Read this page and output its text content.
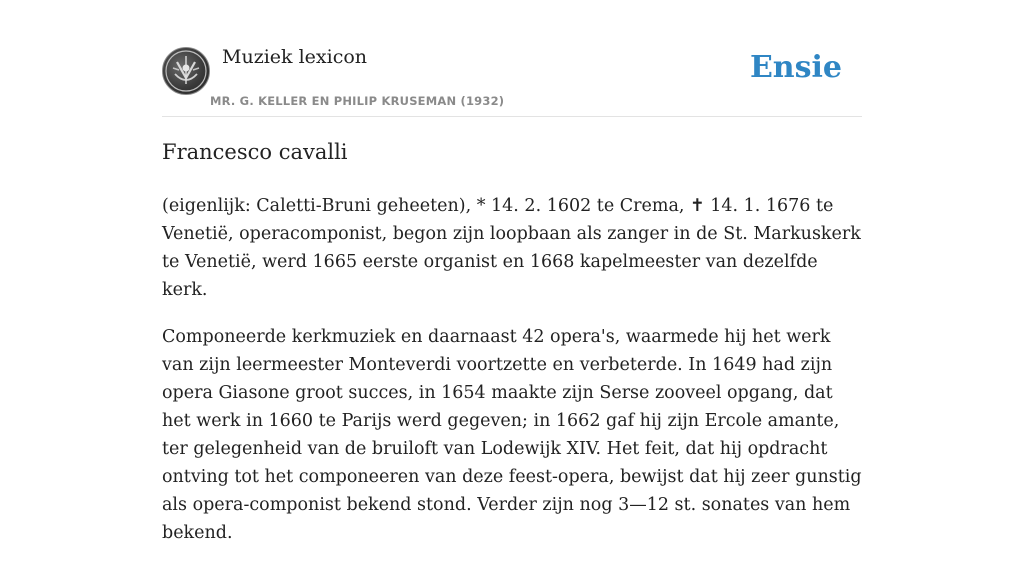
Muziek lexicon
MR. G. KELLER EN PHILIP KRUSEMAN (1932)
Ensie
Francesco cavalli

(eigenlijk: Caletti-Bruni geheeten), * 14. 2. 1602 te Crema, ✝ 14. 1. 1676 te Venetië, operacomponist, begon zijn loopbaan als zanger in de St. Markuskerk te Venetië, werd 1665 eerste organist en 1668 kapelmeester van dezelfde kerk.

Componeerde kerkmuziek en daarnaast 42 opera's, waarmede hij het werk van zijn leermeester Monteverdi voortzette en verbeterde. In 1649 had zijn opera Giasone groot succes, in 1654 maakte zijn Serse zooveel opgang, dat het werk in 1660 te Parijs werd gegeven; in 1662 gaf hij zijn Ercole amante, ter gelegenheid van de bruiloft van Lodewijk XIV. Het feit, dat hij opdracht ontving tot het componeeren van deze feest-opera, bewijst dat hij zeer gunstig als opera-componist bekend stond. Verder zijn nog 3—12 st. sonates van hem bekend.
